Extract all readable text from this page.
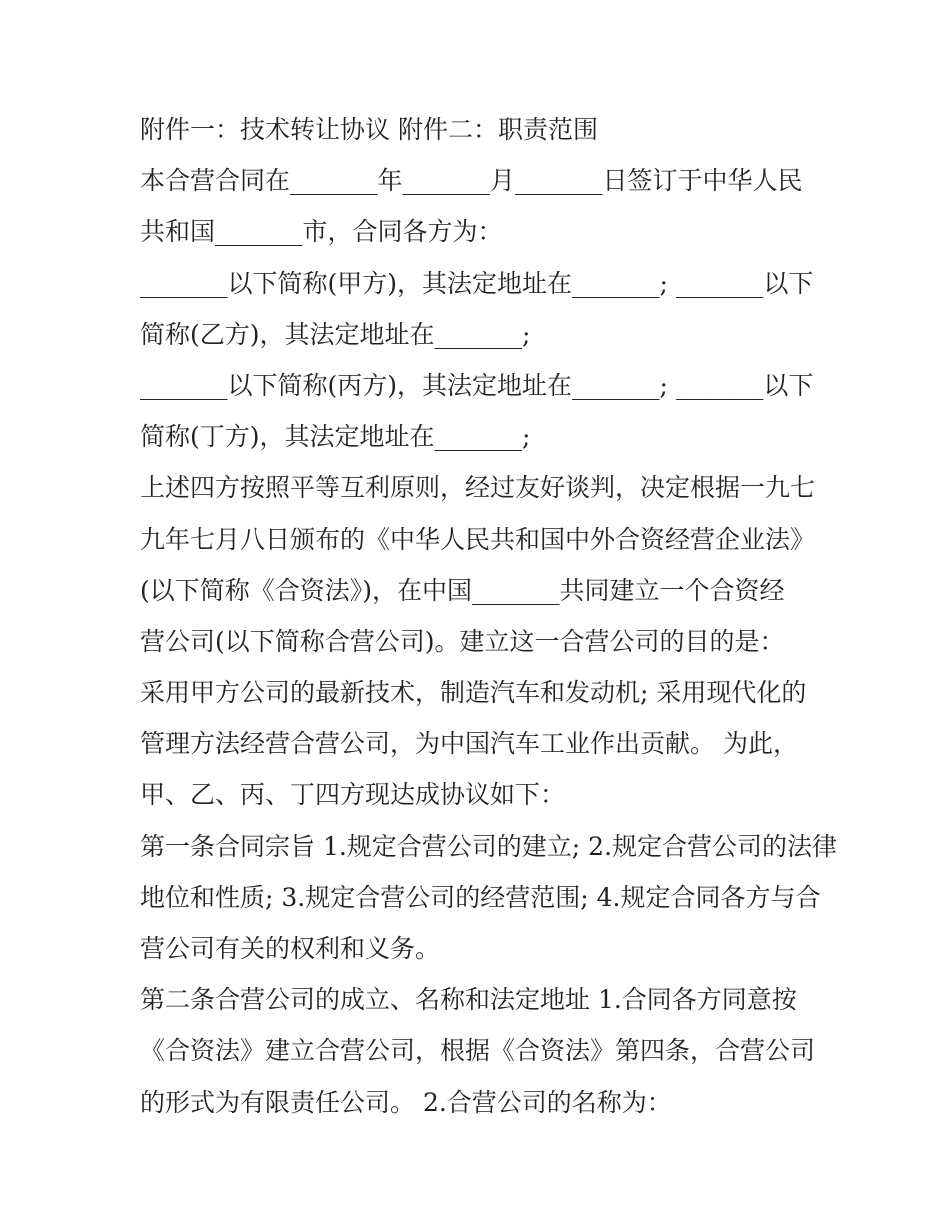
附件一：技术转让协议 附件二：职责范围

本合营合同在_______年_______月_______日签订于中华人民

共和国_______市，合同各方为：

_______以下简称(甲方)，其法定地址在_______; _______以下

简称(乙方)，其法定地址在_______;

_______以下简称(丙方)，其法定地址在_______; _______以下

简称(丁方)，其法定地址在_______;

上述四方按照平等互利原则，经过友好谈判，决定根据一九七

九年七月八日颁布的《中华人民共和国中外合资经营企业法》

(以下简称《合资法》)，在中国_______共同建立一个合资经

营公司(以下简称合营公司)。建立这一合营公司的目的是：

采用甲方公司的最新技术，制造汽车和发动机; 采用现代化的

管理方法经营合营公司，为中国汽车工业作出贡献。 为此，

甲、乙、丙、丁四方现达成协议如下：

第一条合同宗旨 1.规定合营公司的建立; 2.规定合营公司的法律

地位和性质; 3.规定合营公司的经营范围; 4.规定合同各方与合

营公司有关的权利和义务。

第二条合营公司的成立、名称和法定地址 1.合同各方同意按

《合资法》建立合营公司，根据《合资法》第四条，合营公司

的形式为有限责任公司。 2.合营公司的名称为：
